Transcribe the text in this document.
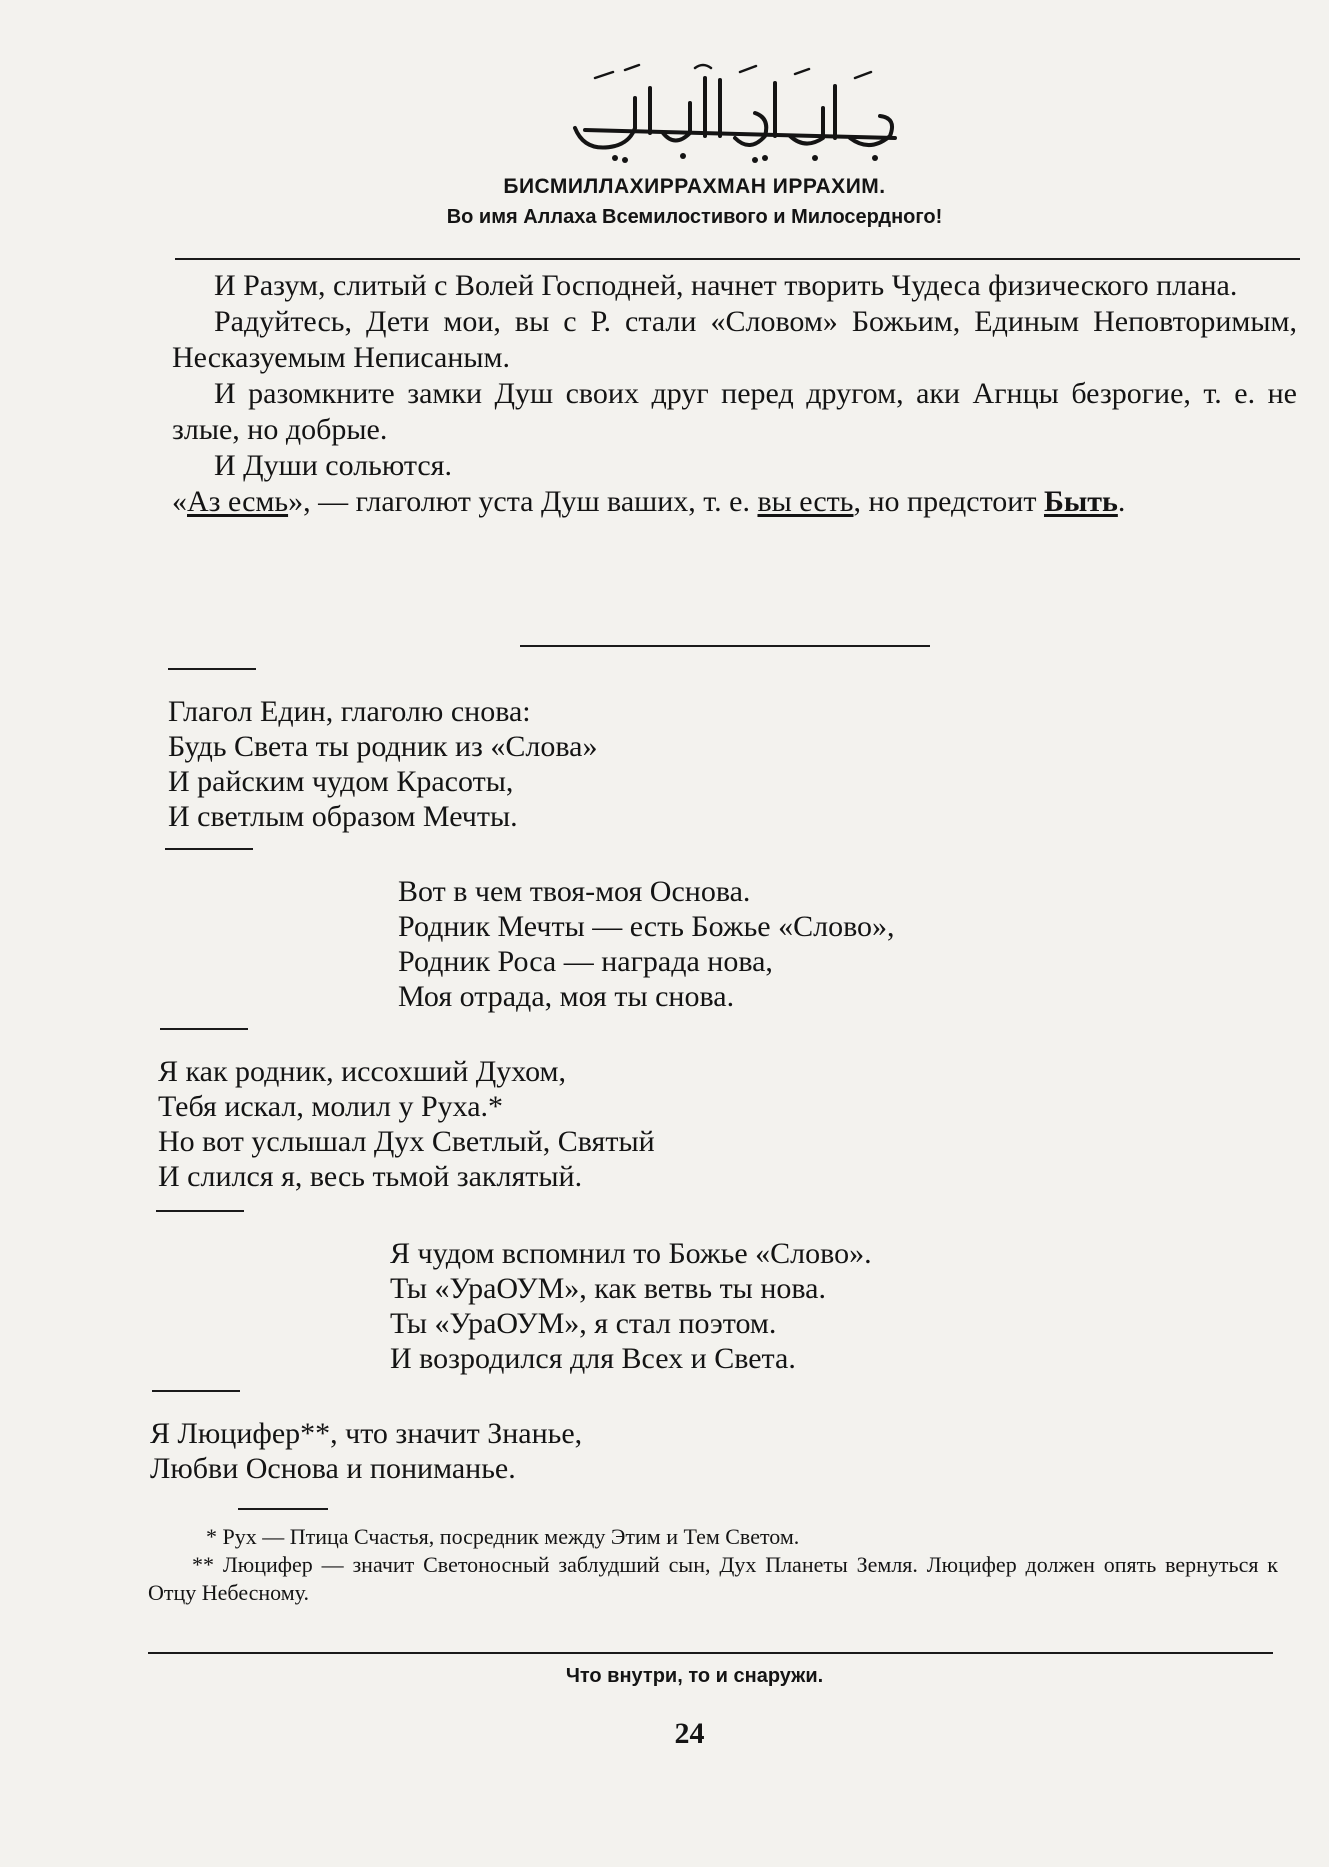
БИСМИЛЛАХИРРАХМАН ИРРАХИМ.
Во имя Аллаха Всемилостивого и Милосердного!

И Разум, слитый с Волей Господней, начнет творить Чудеса физического плана.

Радуйтесь, Дети мои, вы с Р. стали «Словом» Божьим, Единым Неповторимым, Несказуемым Неписаным.

И разомкните замки Душ своих друг перед другом, аки Агнцы безрогие, т. е. не злые, но добрые.

И Души сольются.

«Аз есмь», — глаголют уста Душ ваших, т. е. вы есть, но предстоит Быть.

Глагол Един, глаголю снова:
Будь Света ты родник из «Слова»
И райским чудом Красоты,
И светлым образом Мечты.
Вот в чем твоя-моя Основа.
Родник Мечты — есть Божье «Слово»,
Родник Роса — награда нова,
Моя отрада, моя ты снова.
Я как родник, иссохший Духом,
Тебя искал, молил у Руха.*
Но вот услышал Дух Светлый, Святый
И слился я, весь тьмой заклятый.
Я чудом вспомнил то Божье «Слово».
Ты «УраОУМ», как ветвь ты нова.
Ты «УраОУМ», я стал поэтом.
И возродился для Всех и Света.
Я Люцифер**, что значит Знанье,
Любви Основа и пониманье.

* Рух — Птица Счастья, посредник между Этим и Тем Светом.

** Люцифер — значит Светоносный заблудший сын, Дух Планеты Земля. Люцифер должен опять вернуться к Отцу Небесному.

Что внутри, то и снаружи.
24
